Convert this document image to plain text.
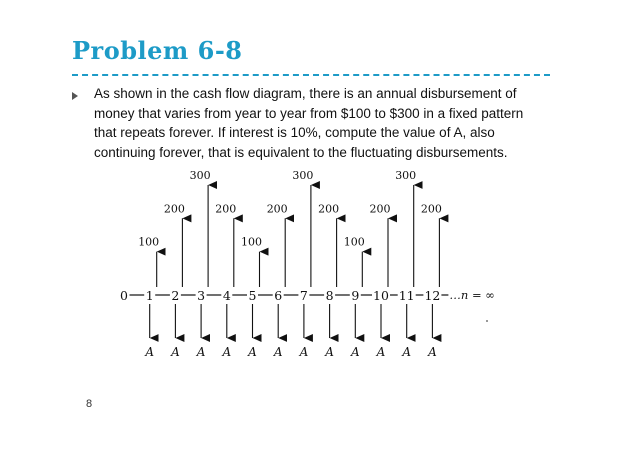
Problem 6-8
As shown in the cash flow diagram, there is an annual disbursement of
money that varies from year to year from $100 to $300 in a fixed pattern
that repeats forever. If interest is 10%, compute the value of A, also
continuing forever, that is equivalent to the fluctuating disbursements.
0 1 2 3 4 5 6 7 8 9 10 11 12 …n = ∞
100
200
300
200
100
200
300
200
100
200
300
200
A A A A A A A A A A A A
8
